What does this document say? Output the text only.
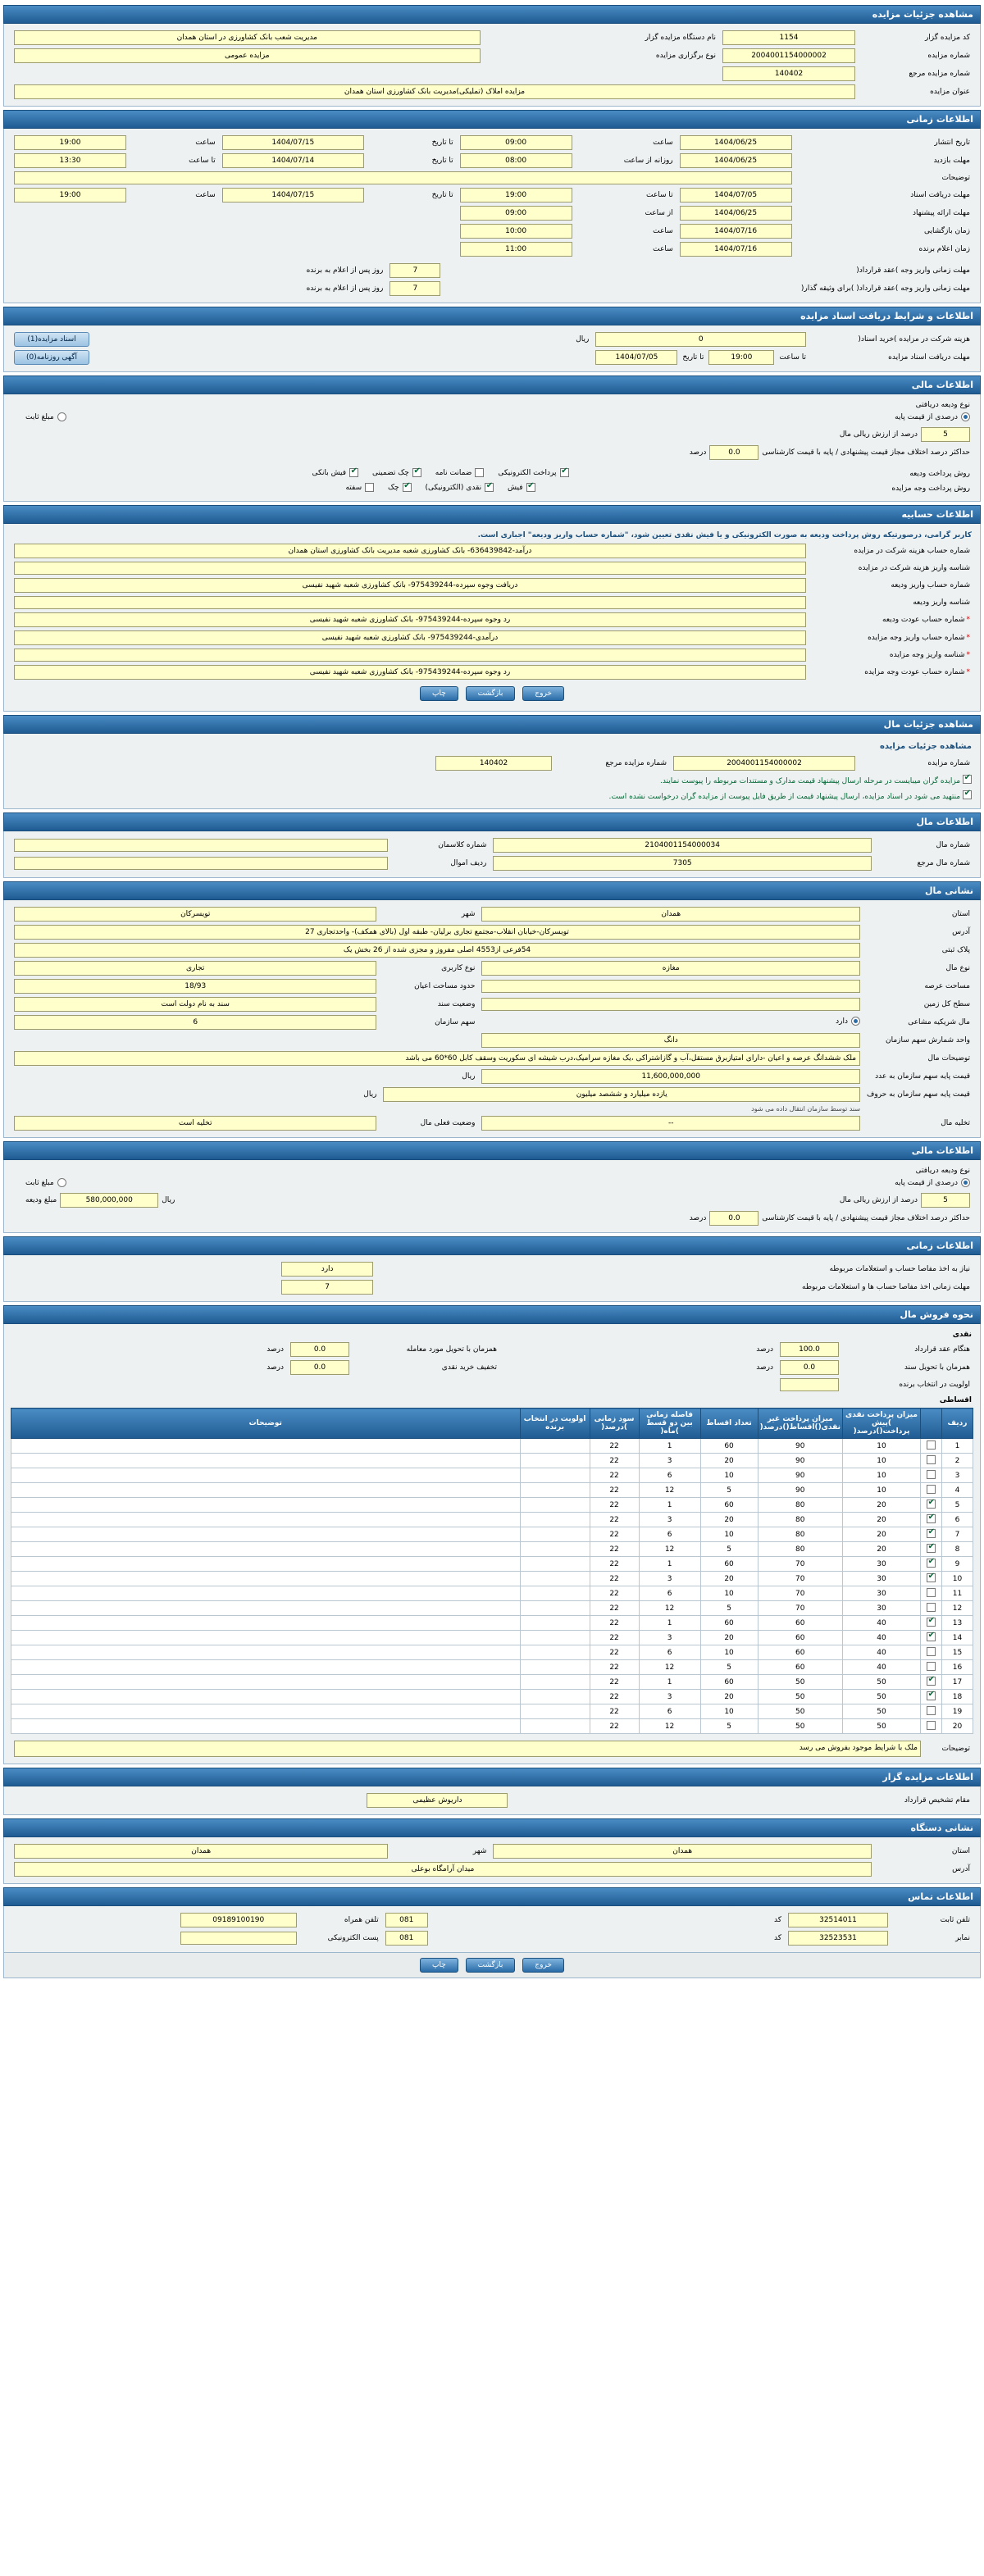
مشاهده جزئیات مزایده
کد مزایده گزار	1154	نام دستگاه مزایده گزار	مدیریت شعب بانک کشاورزی در استان همدان

شماره مزایده	2004001154000002	نوع برگزاری مزایده	مزایده عمومی

شماره مزایده مرجع	140402		

عنوان مزایده	مزایده املاک (تملیکی)مدیریت بانک کشاورزی استان همدان		
اطلاعات زمانی
تاریخ انتشار	1404/06/25	ساعت	09:00	تا تاریخ	1404/07/15	ساعت	19:00

مهلت بازدید	1404/06/25	روزانه از ساعت	08:00	تا تاریخ	1404/07/14	تا ساعت	13:30

توضیحات							

مهلت دریافت اسناد	1404/07/05	تا ساعت	19:00	تا تاریخ	1404/07/15	ساعت	19:00

مهلت ارائه پیشنهاد	1404/06/25	از ساعت	09:00				

زمان بازگشایی	1404/07/16	ساعت	10:00				

زمان اعلام برنده	1404/07/16	ساعت	11:00				

مهلت زمانی واریز وجه )عقد قرارداد(	7	روز پس از اعلام به برنده
مهلت زمانی واریز وجه )عقد قرارداد( )برای وثیقه گذار(	7	روز پس از اعلام به برنده
اطلاعات و شرایط دریافت اسناد مزایده
هزینه شرکت در مزایده )خرید اسناد(	0	ریال	اسناد مزایده(1)
مهلت دریافت اسناد مزایده	تا ساعت
19:00
تا تاریخ
1404/07/05		آگهی روزنامه(0)
اطلاعات مالی
نوع ودیعه دریافتی	

درصدی از قیمت پایه	مبلغ ثابت

5
درصد از ارزش ریالی مال	

حداکثر درصد اختلاف مجاز قیمت پیشنهادی / پایه با قیمت کارشناسی
0.0
درصد	
روش پرداخت ودیعه	
✔
پرداخت الکترونیکی

ضمانت نامه

✔
چک تضمینی

✔
فیش بانکی

روش پرداخت وجه مزایده	
✔
فیش

✔
نقدی (الکترونیکی)

✔
چک

سفته
اطلاعات حسابیه
کاربر گرامی، درصورتیکه روش پرداخت ودیعه به صورت الکترونیکی و یا فیش نقدی تعیین شود، "شماره حساب واریز ودیعه" اجباری است.
شماره حساب هزینه شرکت در مزایده	درآمد-636439842- بانک کشاورزی شعبه مدیریت بانک کشاورزی استان همدان

شناسه واریز هزینه شرکت در مزایده	

شماره حساب واریز ودیعه	دریافت وجوه سپرده-975439244- بانک کشاورزی شعبه شهید نفیسی

شناسه واریز ودیعه	

* شماره حساب عودت ودیعه	رد وجوه سپرده-975439244- بانک کشاورزی شعبه شهید نفیسی

* شماره حساب واریز وجه مزایده	درآمدی-975439244- بانک کشاورزی شعبه شهید نفیسی

* شناسه واریز وجه مزایده	

* شماره حساب عودت وجه مزایده	رد وجوه سپرده-975439244- بانک کشاورزی شعبه شهید نفیسی
خروج بازگشت چاپ
مشاهده جزئیات مال
مشاهده جزئیات مزایده
شماره مزایده	
2004001154000002
	شماره مزایده مرجع	
140402

✔ مزایده گران میبایست در مرحله ارسال پیشنهاد قیمت مدارک و مستندات مربوطه را پیوست نمایند.
✔ منتهید می شود در اسناد مزایده، ارسال پیشنهاد قیمت از طریق فایل پیوست از مزایده گران درخواست نشده است.
اطلاعات مال
شماره مال	2104001154000034	شماره کلاسمان	

شماره مال مرجع	7305	ردیف اموال	
نشانی مال
استان	همدان	شهر	تویسرکان

آدرس	تویسرکان-خیابان انقلاب-مجتمع تجاری برلیان- طبقه اول (بالای همکف)- واحدتجاری 27		

پلاک ثبتی	54فرعی از4553 اصلی مفروز و مجزی شده از 26 بخش یک		

نوع مال	مغازه	نوع کاربری	تجاری

مساحت عرصه		حدود مساحت اعیان	18/93

سطح کل زمین		وضعیت سند	سند به نام دولت است

مال شریکیه مشاعی	دارد	سهم سازمان	6

واحد شمارش سهم سازمان	دانگ		

توضیحات مال	ملک ششدانگ عرصه و اعیان -دارای امتیازبرق مستقل،آب و گازاشتراکی ،یک مغازه سرامیک،درب شیشه ای سکوریت وسقف کابل 60*60 می باشد		

قیمت پایه سهم سازمان به عدد	11,600,000,000	ریال	
قیمت پایه سهم سازمان به حروف	یازده میلیارد و ششصد میلیون		ریال
	سند توسط سازمان انتقال داده می شود		
تخلیه مال	--	وضعیت فعلی مال	تخلیه است
اطلاعات مالی
نوع ودیعه دریافتی	

درصدی از قیمت پایه	مبلغ ثابت

5
درصد از ارزش ریالی مال	ریال
580,000,000
مبلغ ودیعه

حداکثر درصد اختلاف مجاز قیمت پیشنهادی / پایه با قیمت کارشناسی
0.0
درصد	
اطلاعات زمانی
نیاز به اخذ مفاصا حساب و استعلامات مربوطه	دارد	

مهلت زمانی اخذ مفاصا حساب ها و استعلامات مربوطه	7	

نحوه فروش مال
نقدی
هنگام عقد قرارداد	100.0	درصد	همزمان با تحویل مورد معامله	0.0	درصد
همزمان با تحویل سند	0.0	درصد	تخفیف خرید نقدی	0.0	درصد
اولویت در انتخاب برنده				

اقساطی
ردیف		میزان پرداخت نقدی )پیش پرداخت()درصد(	میزان پرداخت غیر نقدی()اقساط()درصد(	تعداد اقساط	فاصله زمانی بین دو قسط )ماه(	سود زمانی )درصد(	اولویت در انتخاب برنده	توضیحات
1		10	90	60	1	22		
2		10	90	20	3	22		
3		10	90	10	6	22		
4		10	90	5	12	22		
5	✔	20	80	60	1	22		
6	✔	20	80	20	3	22		
7	✔	20	80	10	6	22		
8	✔	20	80	5	12	22		
9	✔	30	70	60	1	22		
10	✔	30	70	20	3	22		
11		30	70	10	6	22		
12		30	70	5	12	22		
13	✔	40	60	60	1	22		
14	✔	40	60	20	3	22		
15		40	60	10	6	22		
16		40	60	5	12	22		
17	✔	50	50	60	1	22		
18	✔	50	50	20	3	22		
19		50	50	10	6	22		
20		50	50	5	12	22		
توضیحات	
ملک با شرایط موجود بفروش می رسد
اطلاعات مزایده گزار
مقام تشخیص قرارداد	
داریوش عظیمی

نشانی دستگاه
استان	همدان	شهر	همدان

آدرس	میدان آرامگاه بوعلی		
اطلاعات تماس
تلفن ثابت	32514011	کد	081	تلفن همراه	09189100190	

نمابر	32523531	کد	081	پست الکترونیکی	

خروج بازگشت چاپ
